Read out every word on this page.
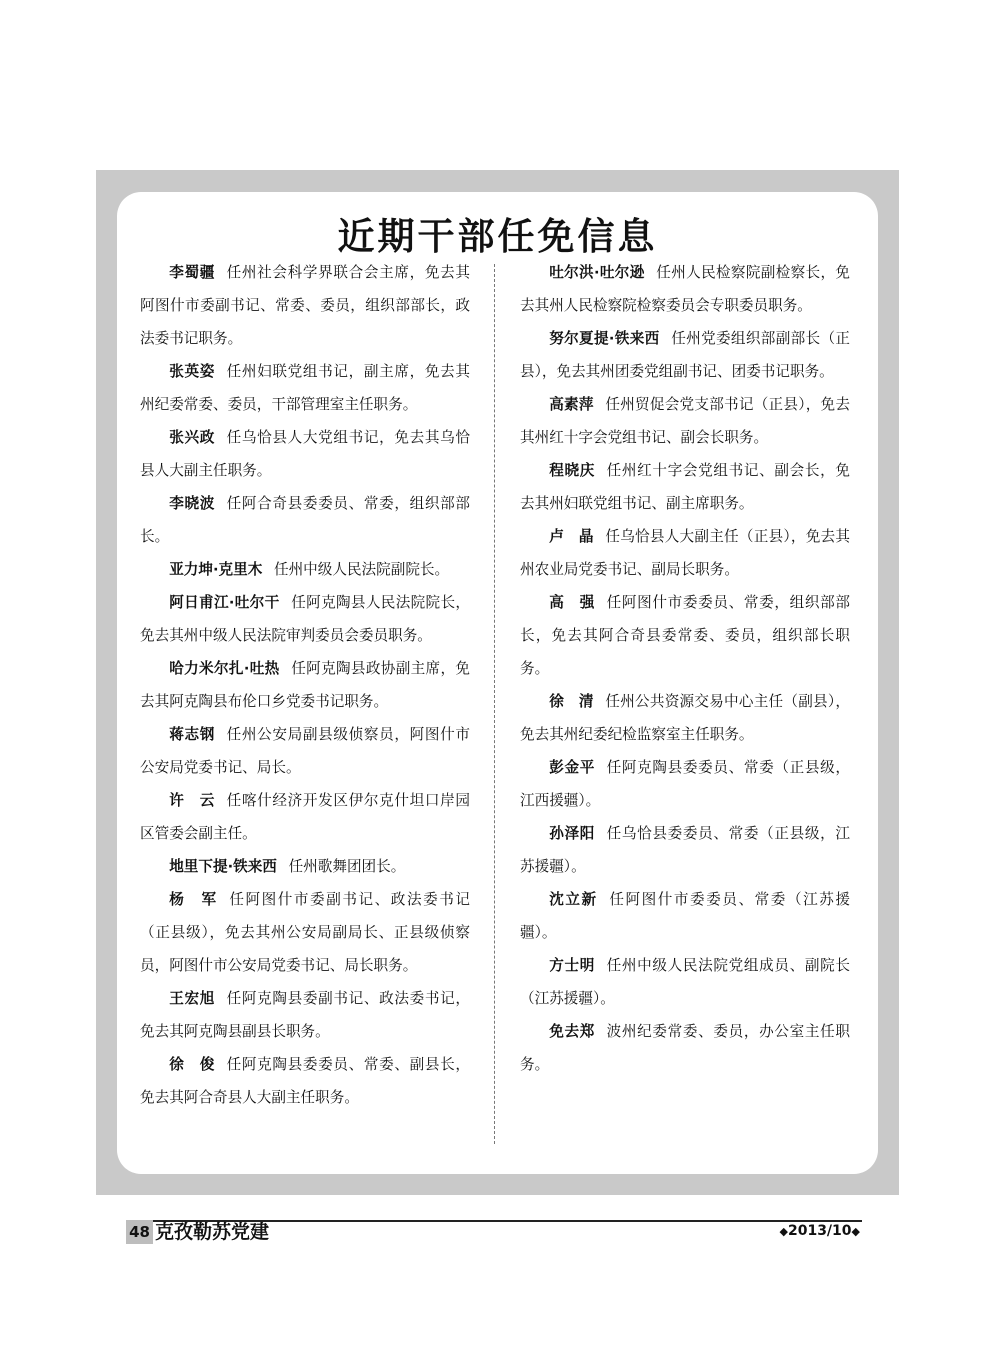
近期干部任免信息

李蜀疆 任州社会科学界联合会主席，免去其阿图什市委副书记、常委、委员，组织部部长，政法委书记职务。

张英姿 任州妇联党组书记，副主席，免去其州纪委常委、委员，干部管理室主任职务。

张兴政 任乌恰县人大党组书记，免去其乌恰县人大副主任职务。

李晓波 任阿合奇县委委员、常委，组织部部长。

亚力坤·克里木 任州中级人民法院副院长。

阿日甫江·吐尔干 任阿克陶县人民法院院长，免去其州中级人民法院审判委员会委员职务。

哈力米尔扎·吐热 任阿克陶县政协副主席，免去其阿克陶县布伦口乡党委书记职务。

蒋志钢 任州公安局副县级侦察员，阿图什市公安局党委书记、局长。

许　云 任喀什经济开发区伊尔克什坦口岸园区管委会副主任。

地里下提·铁来西 任州歌舞团团长。

杨　军 任阿图什市委副书记、政法委书记（正县级），免去其州公安局副局长、正县级侦察员，阿图什市公安局党委书记、局长职务。

王宏旭 任阿克陶县委副书记、政法委书记，免去其阿克陶县副县长职务。

徐　俊 任阿克陶县委委员、常委、副县长，免去其阿合奇县人大副主任职务。

吐尔洪·吐尔逊 任州人民检察院副检察长，免去其州人民检察院检察委员会专职委员职务。

努尔夏提·铁来西 任州党委组织部副部长（正县），免去其州团委党组副书记、团委书记职务。

高素萍 任州贸促会党支部书记（正县），免去其州红十字会党组书记、副会长职务。

程晓庆 任州红十字会党组书记、副会长，免去其州妇联党组书记、副主席职务。

卢　晶 任乌恰县人大副主任（正县），免去其州农业局党委书记、副局长职务。

高　强 任阿图什市委委员、常委，组织部部长，免去其阿合奇县委常委、委员，组织部长职务。

徐　清 任州公共资源交易中心主任（副县），免去其州纪委纪检监察室主任职务。

彭金平 任阿克陶县委委员、常委（正县级，江西援疆）。

孙泽阳 任乌恰县委委员、常委（正县级，江苏援疆）。

沈立新 任阿图什市委委员、常委（江苏援疆）。

方士明 任州中级人民法院党组成员、副院长（江苏援疆）。

免去郑 波州纪委常委、委员，办公室主任职务。

48 克孜勒苏党建	◆2013/10◆
